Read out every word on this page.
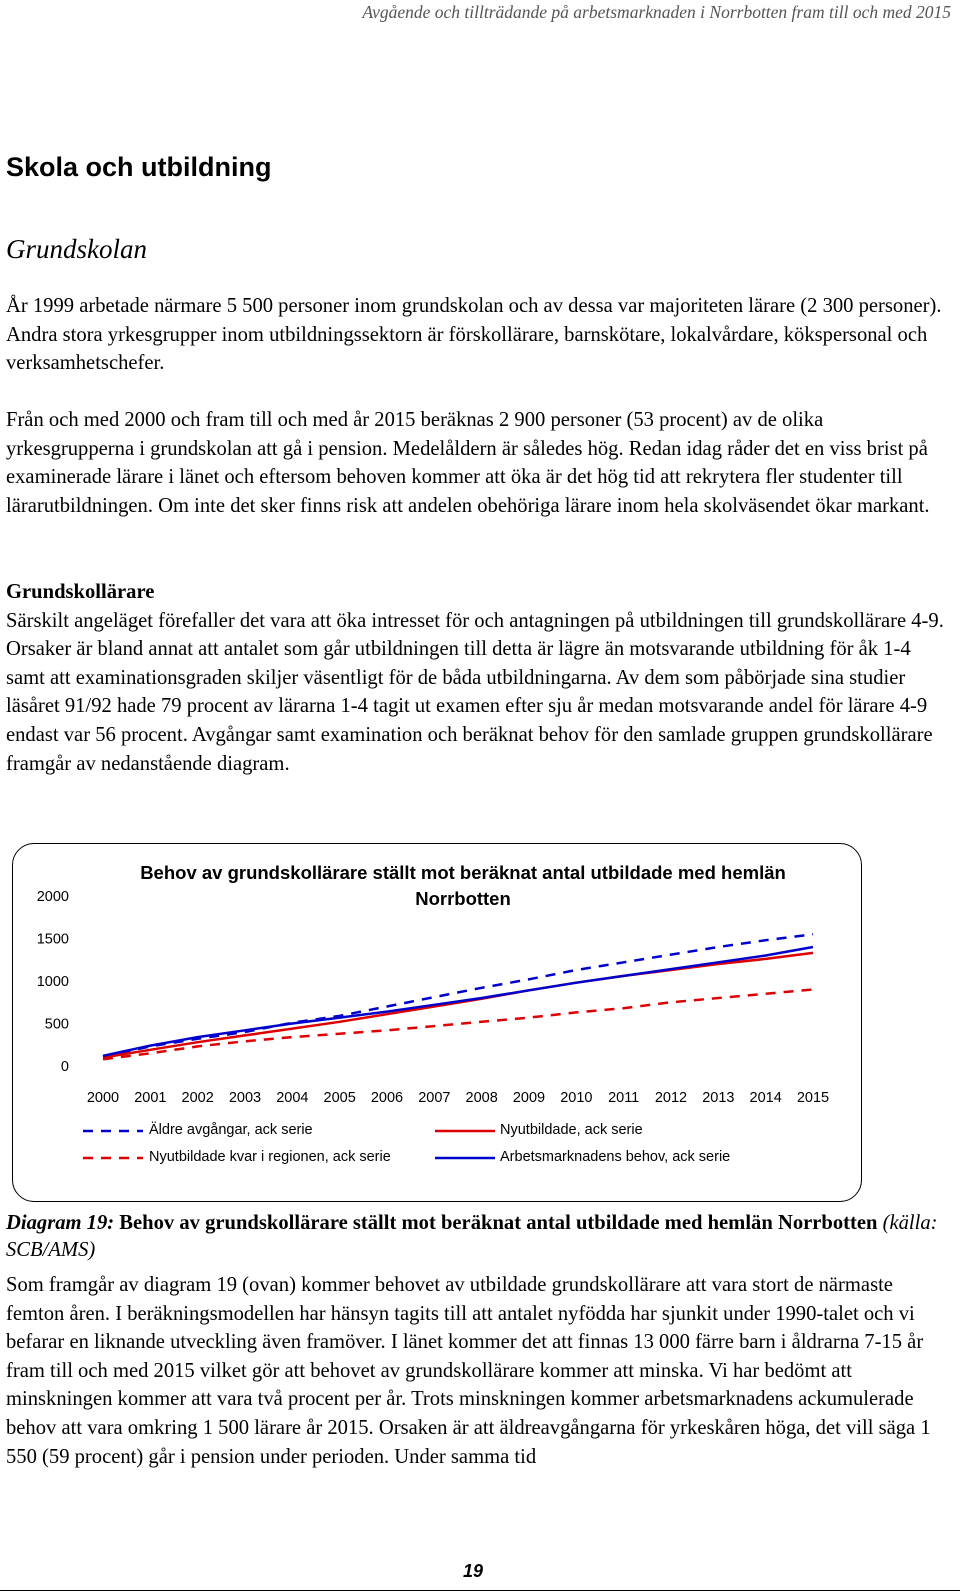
Avgående och tillträdande på arbetsmarknaden i Norrbotten fram till och med 2015
Skola och utbildning
Grundskolan
År 1999 arbetade närmare 5 500 personer inom grundskolan och av dessa var majoriteten lärare (2 300 personer). Andra stora yrkesgrupper inom utbildningssektorn är förskollärare, barnskötare, lokalvårdare, kökspersonal och verksamhetschefer.
Från och med 2000 och fram till och med år 2015 beräknas 2 900 personer (53 procent) av de olika yrkesgrupperna i grundskolan att gå i pension. Medelåldern är således hög. Redan idag råder det en viss brist på examinerade lärare i länet och eftersom behoven kommer att öka är det hög tid att rekrytera fler studenter till lärarutbildningen. Om inte det sker finns risk att andelen obehöriga lärare inom hela skolväsendet ökar markant.
Grundskollärare
Särskilt angeläget förefaller det vara att öka intresset för och antagningen på utbildningen till grundskollärare 4-9. Orsaker är bland annat att antalet som går utbildningen till detta är lägre än motsvarande utbildning för åk 1-4 samt att examinationsgraden skiljer väsentligt för de båda utbildningarna. Av dem som påbörjade sina studier läsåret 91/92 hade 79 procent av lärarna 1-4 tagit ut examen efter sju år medan motsvarande andel för lärare 4-9 endast var 56 procent. Avgångar samt examination och beräknat behov för den samlade gruppen grundskollärare framgår av nedanstående diagram.
Behov av grundskollärare ställt mot beräknat antal utbildade med hemlän Norrbotten
0
500
1000
1500
2000
2000 2001 2002 2003 2004 2005 2006 2007 2008 2009 2010 2011 2012 2013 2014 2015
Äldre avgångar, ack serie
Nyutbildade kvar i regionen, ack serie
Nyutbildade, ack serie
Arbetsmarknadens behov, ack serie
Diagram 19: Behov av grundskollärare ställt mot beräknat antal utbildade med hemlän Norrbotten (källa: SCB/AMS)
Som framgår av diagram 19 (ovan) kommer behovet av utbildade grundskollärare att vara stort de närmaste femton åren. I beräkningsmodellen har hänsyn tagits till att antalet nyfödda har sjunkit under 1990-talet och vi befarar en liknande utveckling även framöver. I länet kommer det att finnas 13 000 färre barn i åldrarna 7-15 år fram till och med 2015 vilket gör att behovet av grundskollärare kommer att minska. Vi har bedömt att minskningen kommer att vara två procent per år. Trots minskningen kommer arbetsmarknadens ackumulerade behov att vara omkring 1 500 lärare år 2015. Orsaken är att äldreavgångarna för yrkeskåren höga, det vill säga 1 550 (59 procent) går i pension under perioden. Under samma tid
19
